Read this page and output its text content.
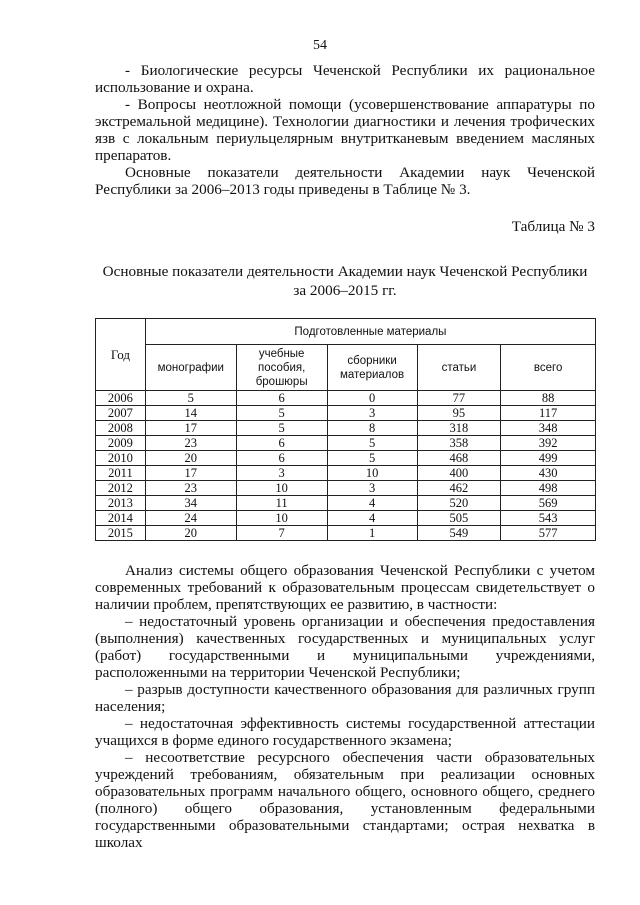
54

- Биологические ресурсы Чеченской Республики их рациональное использование и охрана.

- Вопросы неотложной помощи (усовершенствование аппаратуры по экстремальной медицине). Технологии диагностики и лечения трофических язв с локальным периульцелярным внутритканевым введением масляных препаратов.

Основные показатели деятельности Академии наук Чеченской Республики за 2006–2013 годы приведены в Таблице № 3.

Таблица № 3
Основные показатели деятельности Академии наук Чеченской Республики за 2006–2015 гг.
Год	Подготовленные материалы				
	монографии	учебные пособия, брошюры	сборники материалов	статьи	всего
2006	5	6	0	77	88
2007	14	5	3	95	117
2008	17	5	8	318	348
2009	23	6	5	358	392
2010	20	6	5	468	499
2011	17	3	10	400	430
2012	23	10	3	462	498
2013	34	11	4	520	569
2014	24	10	4	505	543
2015	20	7	1	549	577

Анализ системы общего образования Чеченской Республики с учетом современных требований к образовательным процессам свидетельствует о наличии проблем, препятствующих ее развитию, в частности:

– недостаточный уровень организации и обеспечения предоставления (выполнения) качественных государственных и муниципальных услуг (работ) государственными и муниципальными учреждениями, расположенными на территории Чеченской Республики;

– разрыв доступности качественного образования для различных групп населения;

– недостаточная эффективность системы государственной аттестации учащихся в форме единого государственного экзамена;

– несоответствие ресурсного обеспечения части образовательных учреждений требованиям, обязательным при реализации основных образовательных программ начального общего, основного общего, среднего (полного) общего образования, установленным федеральными государственными образовательными стандартами; острая нехватка в школах
